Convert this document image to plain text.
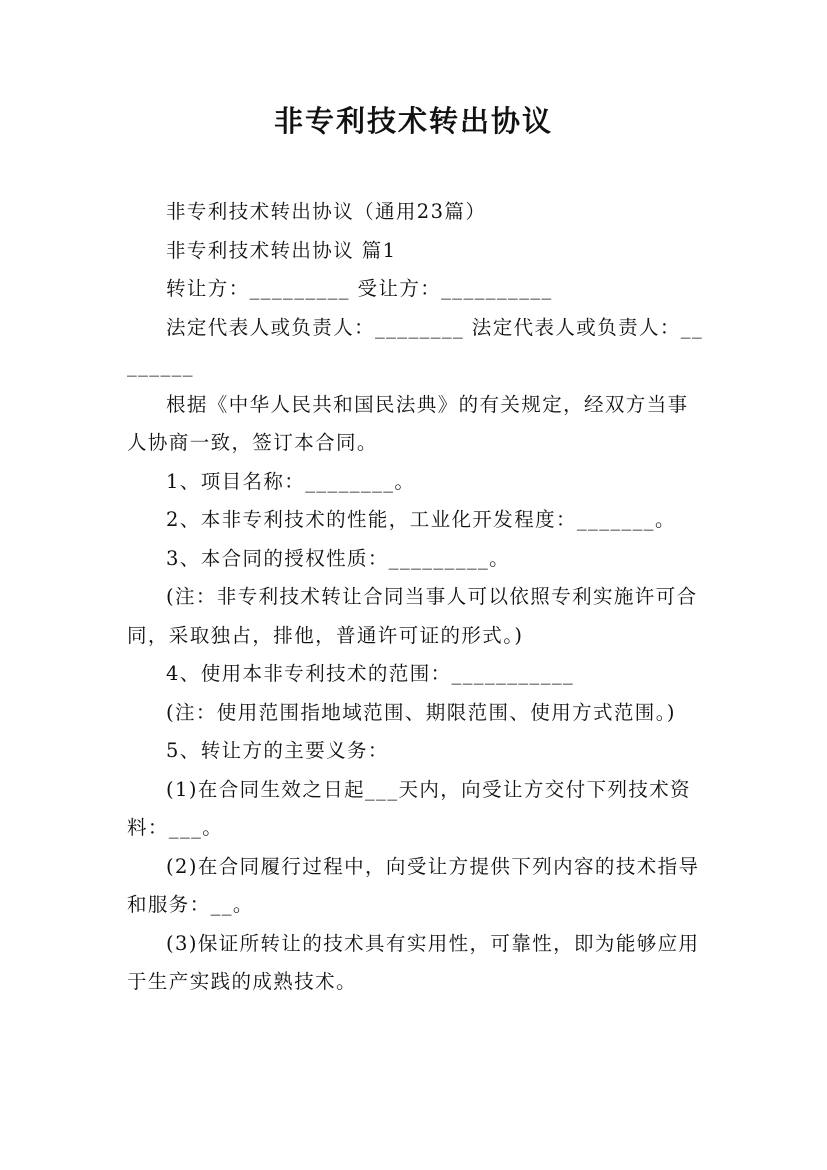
非专利技术转出协议

非专利技术转出协议（通用23篇）

非专利技术转出协议 篇1

转让方：_________ 受让方：__________

法定代表人或负责人：________ 法定代表人或负责人：________

根据《中华人民共和国民法典》的有关规定，经双方当事人协商一致，签订本合同。

1、项目名称：________。

2、本非专利技术的性能，工业化开发程度：_______。

3、本合同的授权性质：_________。

(注：非专利技术转让合同当事人可以依照专利实施许可合同，采取独占，排他，普通许可证的形式。)

4、使用本非专利技术的范围：___________

(注：使用范围指地域范围、期限范围、使用方式范围。)

5、转让方的主要义务：

(1)在合同生效之日起___天内，向受让方交付下列技术资料：___。

(2)在合同履行过程中，向受让方提供下列内容的技术指导和服务：__。

(3)保证所转让的技术具有实用性，可靠性，即为能够应用于生产实践的成熟技术。
